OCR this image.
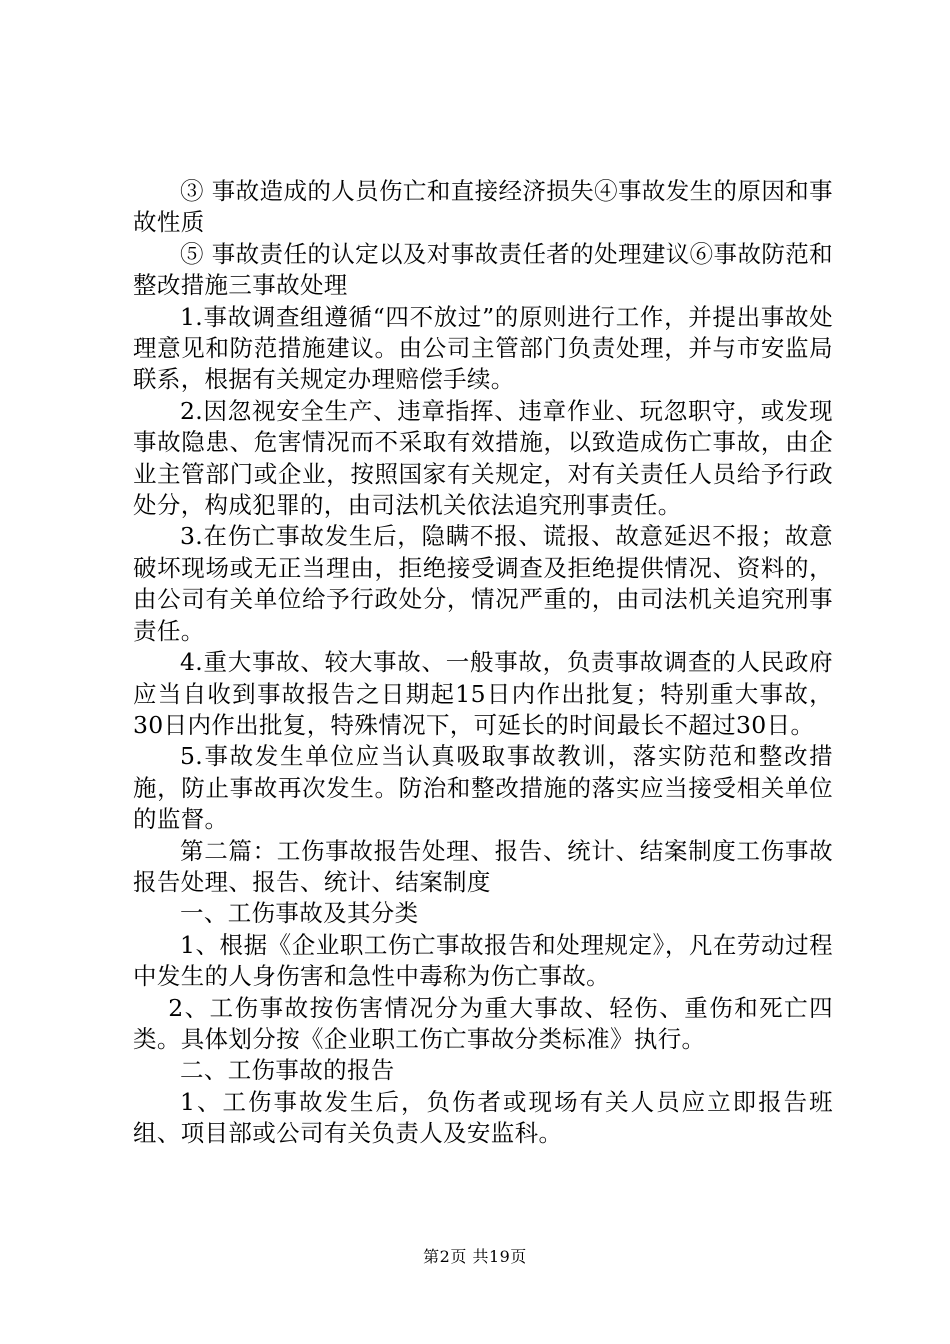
③ 事故造成的人员伤亡和直接经济损失④事故发生的原因和事故性质

⑤ 事故责任的认定以及对事故责任者的处理建议⑥事故防范和整改措施三事故处理

1.事故调查组遵循“四不放过”的原则进行工作，并提出事故处理意见和防范措施建议。由公司主管部门负责处理，并与市安监局联系，根据有关规定办理赔偿手续。

2.因忽视安全生产、违章指挥、违章作业、玩忽职守，或发现事故隐患、危害情况而不采取有效措施，以致造成伤亡事故，由企业主管部门或企业，按照国家有关规定，对有关责任人员给予行政处分，构成犯罪的，由司法机关依法追究刑事责任。

3.在伤亡事故发生后，隐瞒不报、谎报、故意延迟不报；故意破坏现场或无正当理由，拒绝接受调查及拒绝提供情况、资料的，由公司有关单位给予行政处分，情况严重的，由司法机关追究刑事责任。

4.重大事故、较大事故、一般事故，负责事故调查的人民政府应当自收到事故报告之日期起15日内作出批复；特别重大事故，30日内作出批复，特殊情况下，可延长的时间最长不超过30日。

5.事故发生单位应当认真吸取事故教训，落实防范和整改措施，防止事故再次发生。防治和整改措施的落实应当接受相关单位的监督。

第二篇：工伤事故报告处理、报告、统计、结案制度工伤事故报告处理、报告、统计、结案制度

一、工伤事故及其分类

1、根据《企业职工伤亡事故报告和处理规定》，凡在劳动过程中发生的人身伤害和急性中毒称为伤亡事故。

2、工伤事故按伤害情况分为重大事故、轻伤、重伤和死亡四类。具体划分按《企业职工伤亡事故分类标准》执行。

二、工伤事故的报告

1、工伤事故发生后，负伤者或现场有关人员应立即报告班组、项目部或公司有关负责人及安监科。

第2页 共19页
